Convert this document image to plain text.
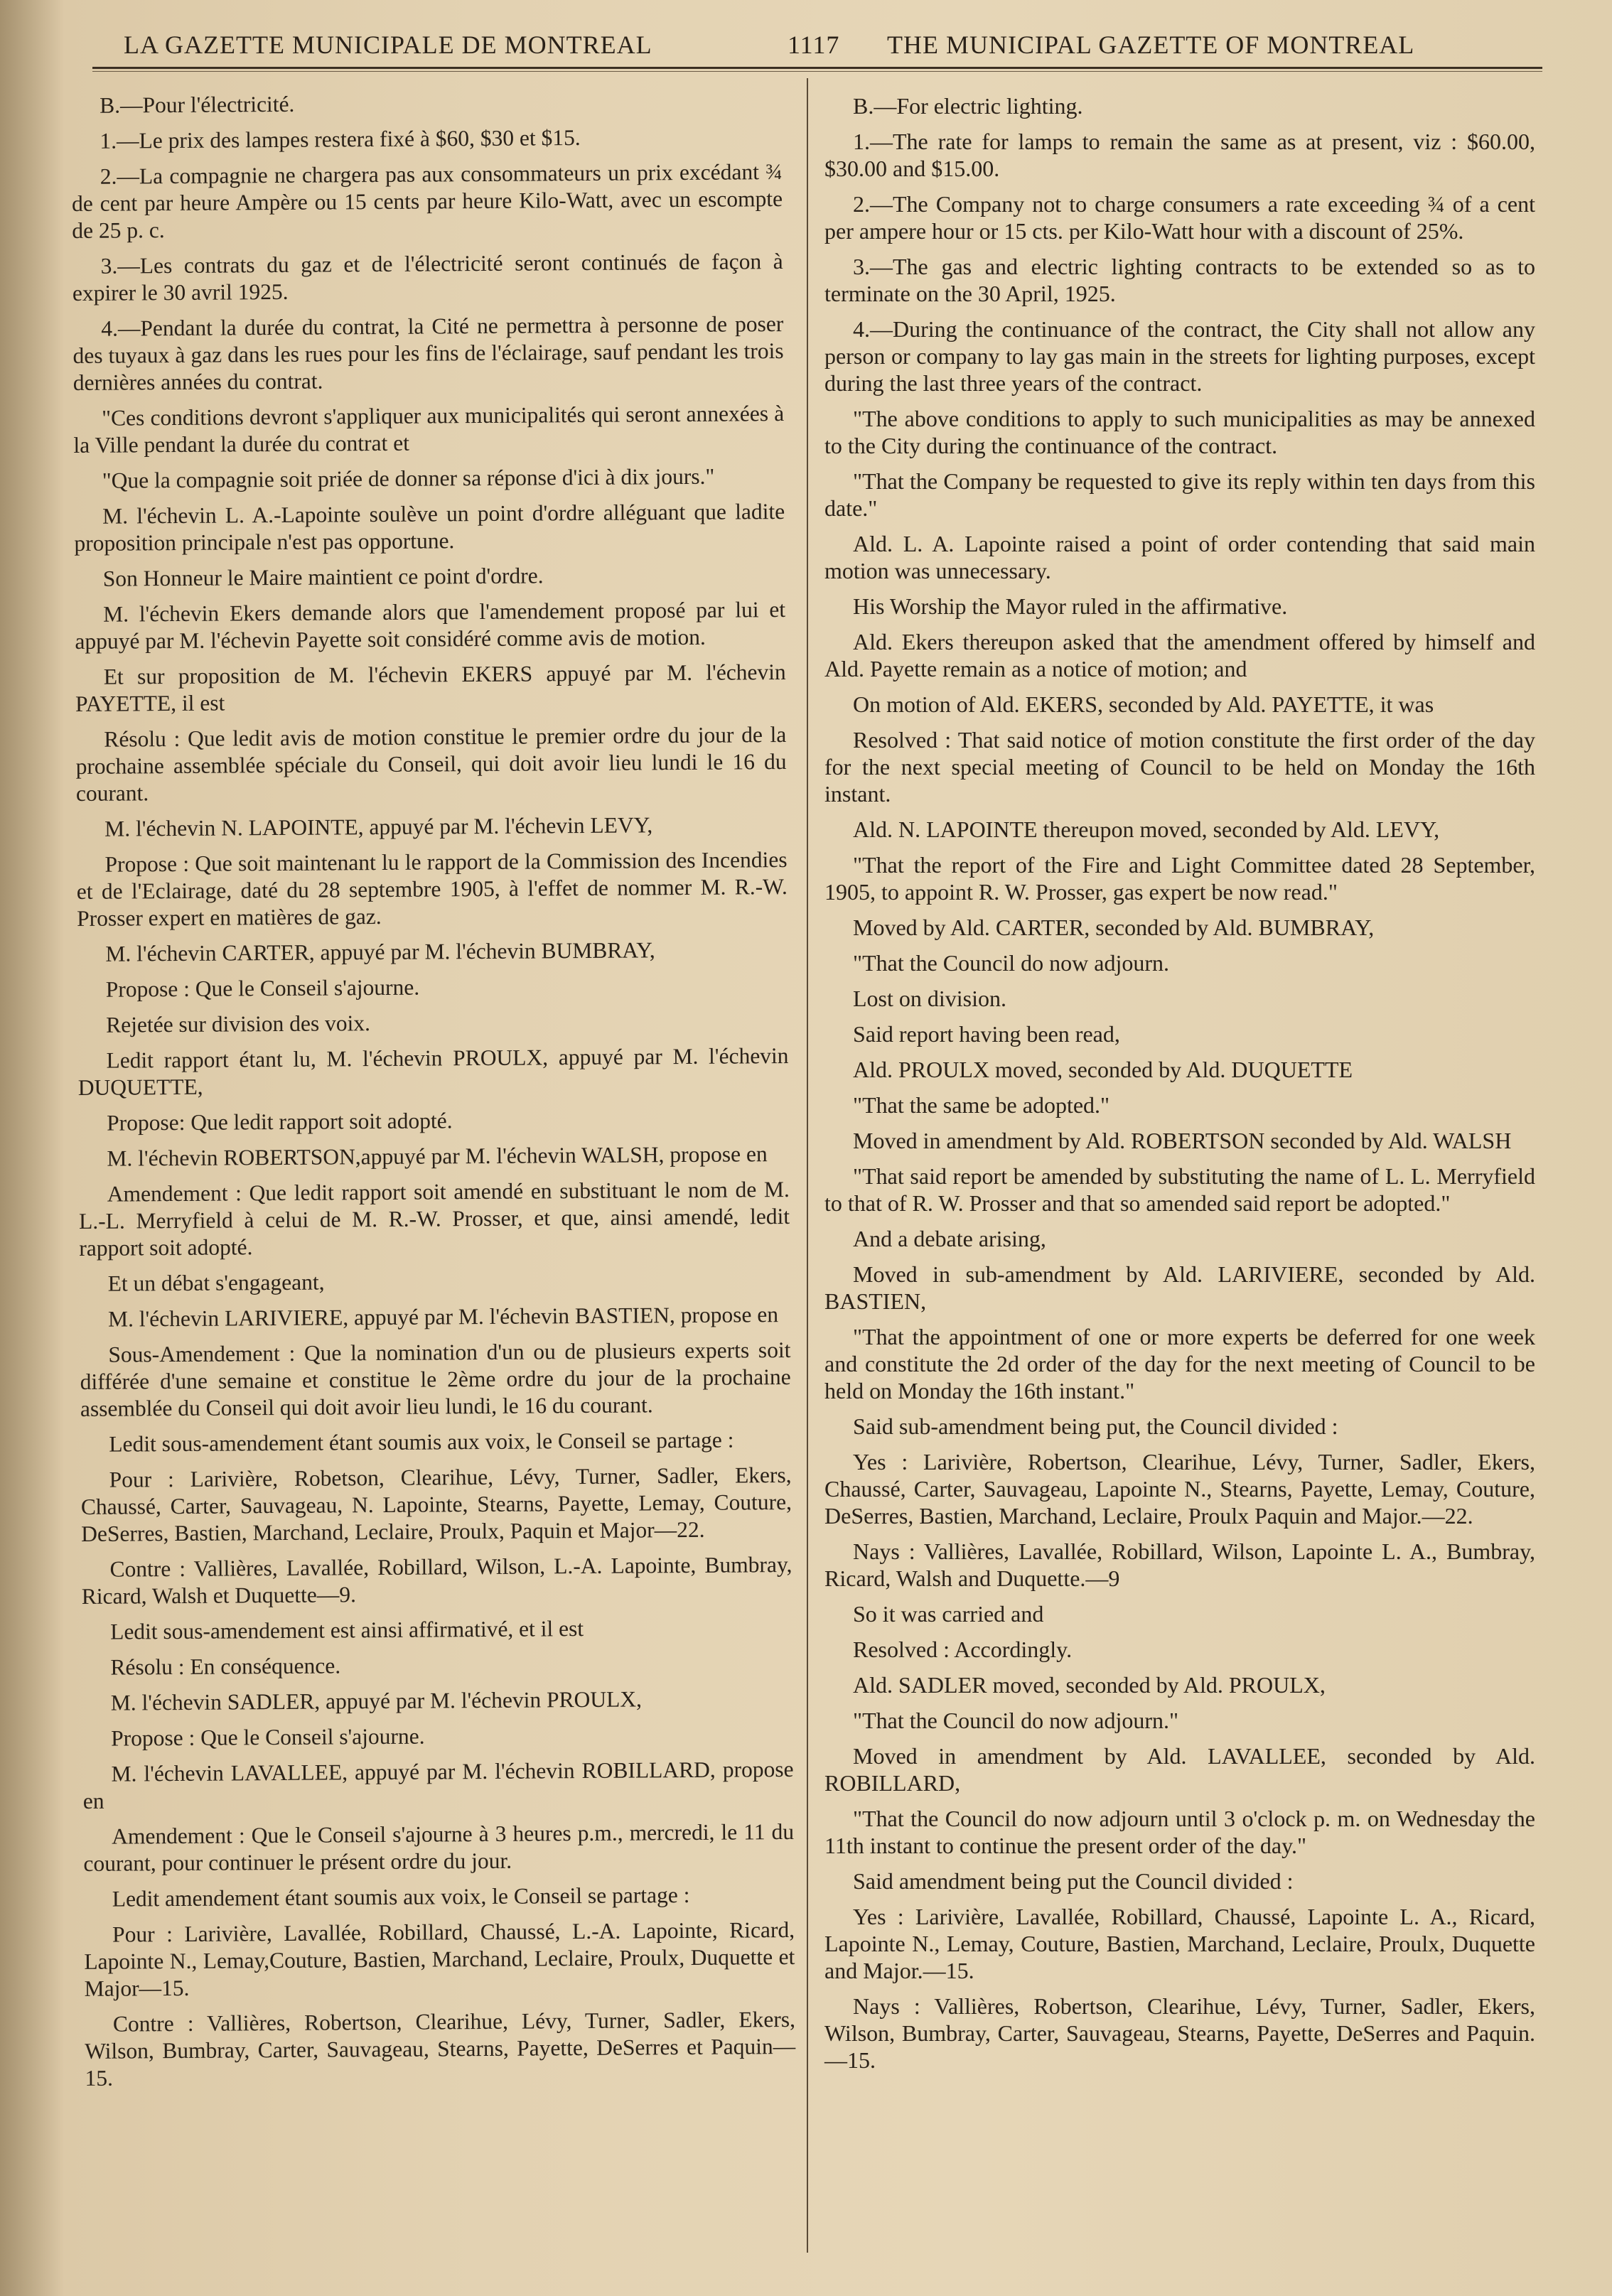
LA GAZETTE MUNICIPALE DE MONTREAL	1117 THE MUNICIPAL GAZETTE OF MONTREAL

B.—Pour l'électricité.

1.—Le prix des lampes restera fixé à $60, $30 et $15.

2.—La compagnie ne chargera pas aux consommateurs un prix excédant ¾ de cent par heure Ampère ou 15 cents par heure Kilo-Watt, avec un escompte de 25 p. c.

3.—Les contrats du gaz et de l'électricité seront continués de façon à expirer le 30 avril 1925.

4.—Pendant la durée du contrat, la Cité ne permettra à personne de poser des tuyaux à gaz dans les rues pour les fins de l'éclairage, sauf pendant les trois dernières années du contrat.

"Ces conditions devront s'appliquer aux municipalités qui seront annexées à la Ville pendant la durée du contrat et

"Que la compagnie soit priée de donner sa réponse d'ici à dix jours."

M. l'échevin L. A.-Lapointe soulève un point d'ordre alléguant que ladite proposition principale n'est pas opportune.

Son Honneur le Maire maintient ce point d'ordre.

M. l'échevin Ekers demande alors que l'amendement proposé par lui et appuyé par M. l'échevin Payette soit considéré comme avis de motion.

Et sur proposition de M. l'échevin EKERS appuyé par M. l'échevin PAYETTE, il est

Résolu : Que ledit avis de motion constitue le premier ordre du jour de la prochaine assemblée spéciale du Conseil, qui doit avoir lieu lundi le 16 du courant.

M. l'échevin N. LAPOINTE, appuyé par M. l'échevin LEVY,

Propose : Que soit maintenant lu le rapport de la Commission des Incendies et de l'Eclairage, daté du 28 septembre 1905, à l'effet de nommer M. R.-W. Prosser expert en matières de gaz.

M. l'échevin CARTER, appuyé par M. l'échevin BUMBRAY,

Propose : Que le Conseil s'ajourne.

Rejetée sur division des voix.

Ledit rapport étant lu, M. l'échevin PROULX, appuyé par M. l'échevin DUQUETTE,

Propose: Que ledit rapport soit adopté.

M. l'échevin ROBERTSON,appuyé par M. l'échevin WALSH, propose en

Amendement : Que ledit rapport soit amendé en substituant le nom de M. L.-L. Merryfield à celui de M. R.-W. Prosser, et que, ainsi amendé, ledit rapport soit adopté.

Et un débat s'engageant,

M. l'échevin LARIVIERE, appuyé par M. l'échevin BASTIEN, propose en

Sous-Amendement : Que la nomination d'un ou de plusieurs experts soit différée d'une semaine et constitue le 2ème ordre du jour de la prochaine assemblée du Conseil qui doit avoir lieu lundi, le 16 du courant.

Ledit sous-amendement étant soumis aux voix, le Conseil se partage :

Pour : Larivière, Robetson, Clearihue, Lévy, Turner, Sadler, Ekers, Chaussé, Carter, Sauvageau, N. Lapointe, Stearns, Payette, Lemay, Couture, DeSerres, Bastien, Marchand, Leclaire, Proulx, Paquin et Major—22.

Contre : Vallières, Lavallée, Robillard, Wilson, L.-A. Lapointe, Bumbray, Ricard, Walsh et Duquette—9.

Ledit sous-amendement est ainsi affirmativé, et il est

Résolu : En conséquence.

M. l'échevin SADLER, appuyé par M. l'échevin PROULX,

Propose : Que le Conseil s'ajourne.

M. l'échevin LAVALLEE, appuyé par M. l'échevin ROBILLARD, propose en

Amendement : Que le Conseil s'ajourne à 3 heures p.m., mercredi, le 11 du courant, pour continuer le présent ordre du jour.

Ledit amendement étant soumis aux voix, le Conseil se partage :

Pour : Larivière, Lavallée, Robillard, Chaussé, L.-A. Lapointe, Ricard, Lapointe N., Lemay,Couture, Bastien, Marchand, Leclaire, Proulx, Duquette et Major—15.

Contre : Vallières, Robertson, Clearihue, Lévy, Turner, Sadler, Ekers, Wilson, Bumbray, Carter, Sauvageau, Stearns, Payette, DeSerres et Paquin—15.

B.—For electric lighting.

1.—The rate for lamps to remain the same as at present, viz : $60.00, $30.00 and $15.00.

2.—The Company not to charge consumers a rate exceeding ¾ of a cent per ampere hour or 15 cts. per Kilo-Watt hour with a discount of 25%.

3.—The gas and electric lighting contracts to be extended so as to terminate on the 30 April, 1925.

4.—During the continuance of the contract, the City shall not allow any person or company to lay gas main in the streets for lighting purposes, except during the last three years of the contract.

"The above conditions to apply to such municipalities as may be annexed to the City during the continuance of the contract.

"That the Company be requested to give its reply within ten days from this date."

Ald. L. A. Lapointe raised a point of order contending that said main motion was unnecessary.

His Worship the Mayor ruled in the affirmative.

Ald. Ekers thereupon asked that the amendment offered by himself and Ald. Payette remain as a notice of motion; and

On motion of Ald. EKERS, seconded by Ald. PAYETTE, it was

Resolved : That said notice of motion constitute the first order of the day for the next special meeting of Council to be held on Monday the 16th instant.

Ald. N. LAPOINTE thereupon moved, seconded by Ald. LEVY,

"That the report of the Fire and Light Committee dated 28 September, 1905, to appoint R. W. Prosser, gas expert be now read."

Moved by Ald. CARTER, seconded by Ald. BUMBRAY,

"That the Council do now adjourn.

Lost on division.

Said report having been read,

Ald. PROULX moved, seconded by Ald. DUQUETTE

"That the same be adopted."

Moved in amendment by Ald. ROBERTSON seconded by Ald. WALSH

"That said report be amended by substituting the name of L. L. Merryfield to that of R. W. Prosser and that so amended said report be adopted."

And a debate arising,

Moved in sub-amendment by Ald. LARIVIERE, seconded by Ald. BASTIEN,

"That the appointment of one or more experts be deferred for one week and constitute the 2d order of the day for the next meeting of Council to be held on Monday the 16th instant."

Said sub-amendment being put, the Council divided :

Yes : Larivière, Robertson, Clearihue, Lévy, Turner, Sadler, Ekers, Chaussé, Carter, Sauvageau, Lapointe N., Stearns, Payette, Lemay, Couture, DeSerres, Bastien, Marchand, Leclaire, Proulx Paquin and Major.—22.

Nays : Vallières, Lavallée, Robillard, Wilson, Lapointe L. A., Bumbray, Ricard, Walsh and Duquette.—9

So it was carried and

Resolved : Accordingly.

Ald. SADLER moved, seconded by Ald. PROULX,

"That the Council do now adjourn."

Moved in amendment by Ald. LAVALLEE, seconded by Ald. ROBILLARD,

"That the Council do now adjourn until 3 o'clock p. m. on Wednesday the 11th instant to continue the present order of the day."

Said amendment being put the Council divided :

Yes : Larivière, Lavallée, Robillard, Chaussé, Lapointe L. A., Ricard, Lapointe N., Lemay, Couture, Bastien, Marchand, Leclaire, Proulx, Duquette and Major.—15.

Nays : Vallières, Robertson, Clearihue, Lévy, Turner, Sadler, Ekers, Wilson, Bumbray, Carter, Sauvageau, Stearns, Payette, DeSerres and Paquin.—15.
